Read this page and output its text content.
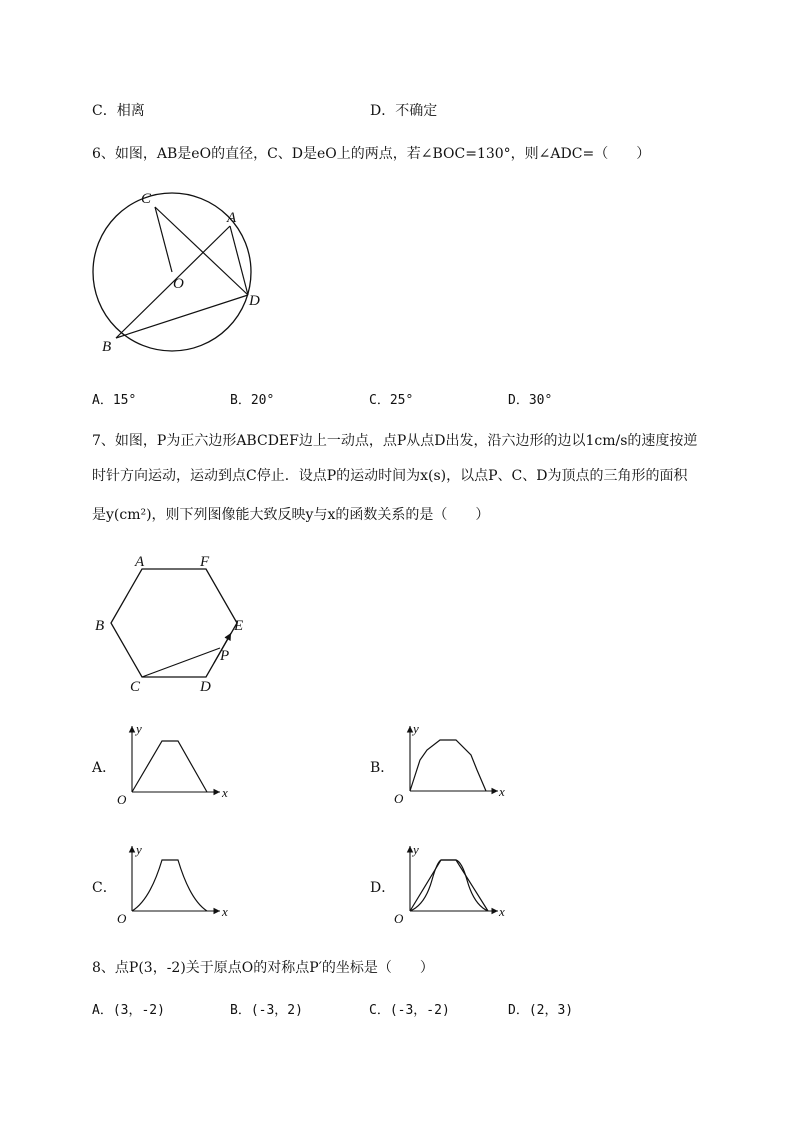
C．相离	D．不确定
6、如图，AB是eO的直径，C、D是eO上的两点，若∠BOC=130°，则∠ADC=（　　）
C
A
O
D
B
A．15°	B．20°	C．25°	D．30°
7、如图，P为正六边形ABCDEF边上一动点，点P从点D出发，沿六边形的边以1cm/s的速度按逆
时针方向运动，运动到点C停止．设点P的运动时间为x(s)，以点P、C、D为顶点的三角形的面积
是y(cm²)，则下列图像能大致反映y与x的函数关系的是（　　）
A	F
B	E
P
C	D
A．	B．
C．	D．
y
x
O
y
x
O
y
x
O
y
x
O
8、点P(3，-2)关于原点O的对称点P′的坐标是（　　）
A．(3，-2)	B．(-3，2)	C．(-3，-2)	D．(2，3)
